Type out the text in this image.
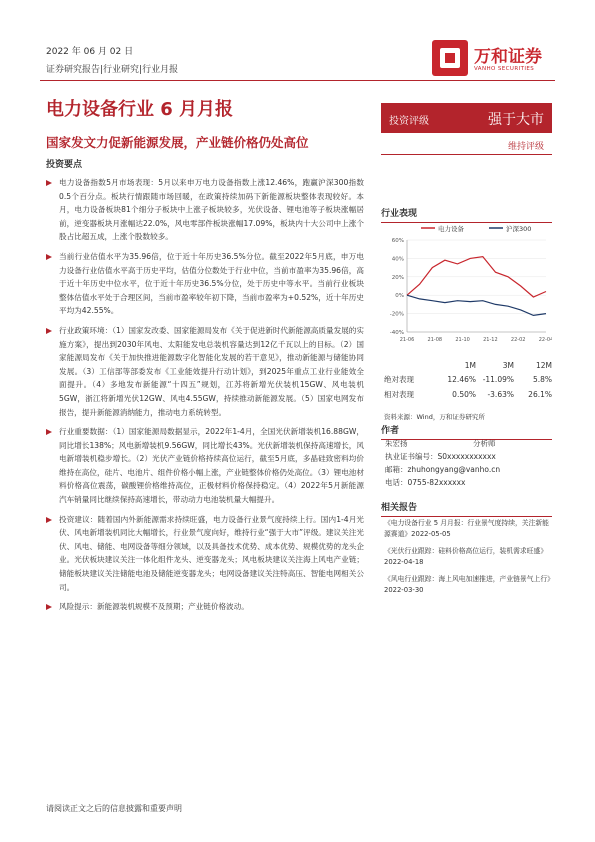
2022 年 06 月 02 日
证券研究报告|行业研究|行业月报
万和证券
VANHO SECURITIES
电力设备行业 6 月月报
国家发文力促新能源发展，产业链价格仍处高位
投资要点
电力设备指数5月市场表现：5月以来申万电力设备指数上涨12.46%，跑赢沪深300指数0.5个百分点。板块行情跟随市场回暖，在政策持续加码下新能源板块整体表现较好。本月，电力设备板块81个细分子板块中上涨子板块较多，光伏设备、锂电池等子板块涨幅居前，逆变器板块月涨幅达22.0%，风电零部件板块涨幅17.09%，板块内十大公司中上涨个股占比超五成，上涨个股数较多。
当前行业估值水平为35.96倍，位于近十年历史36.5%分位。截至2022年5月底，申万电力设备行业估值水平高于历史平均，估值分位数处于行业中位，当前市盈率为35.96倍，高于近十年历史中位水平，位于近十年历史36.5%分位，处于历史中等水平。当前行业板块整体估值水平处于合理区间，当前市盈率较年初下降，当前市盈率为+0.52%，近十年历史平均为42.55%。
行业政策环境：（1）国家发改委、国家能源局发布《关于促进新时代新能源高质量发展的实施方案》，提出到2030年风电、太阳能发电总装机容量达到12亿千瓦以上的目标。（2）国家能源局发布《关于加快推进能源数字化智能化发展的若干意见》，推动新能源与储能协同发展。（3）工信部等部委发布《工业能效提升行动计划》，到2025年重点工业行业能效全面提升。（4）多地发布新能源“十四五”规划，江苏将新增光伏装机15GW、风电装机5GW，浙江将新增光伏12GW、风电4.55GW，持续推动新能源发展。（5）国家电网发布报告，提升新能源消纳能力，推动电力系统转型。
行业重要数据：（1）国家能源局数据显示，2022年1-4月，全国光伏新增装机16.88GW，同比增长138%；风电新增装机9.56GW，同比增长43%。光伏新增装机保持高速增长，风电新增装机稳步增长。（2）光伏产业链价格持续高位运行，截至5月底，多晶硅致密料均价维持在高位，硅片、电池片、组件价格小幅上涨，产业链整体价格仍处高位。（3）锂电池材料价格高位震荡，碳酸锂价格维持高位，正极材料价格保持稳定。（4）2022年5月新能源汽车销量同比继续保持高速增长，带动动力电池装机量大幅提升。
投资建议：随着国内外新能源需求持续旺盛，电力设备行业景气度持续上行。国内1-4月光伏、风电新增装机同比大幅增长，行业景气度向好，维持行业“强于大市”评级。建议关注光伏、风电、储能、电网设备等细分领域，以及具备技术优势、成本优势、规模优势的龙头企业。光伏板块建议关注一体化组件龙头、逆变器龙头；风电板块建议关注海上风电产业链；储能板块建议关注储能电池及储能逆变器龙头；电网设备建议关注特高压、智能电网相关公司。
风险提示：新能源装机规模不及预期；产业链价格波动。
请阅读正文之后的信息披露和重要声明
投资评级	强于大市
维持评级
行业表现
电力设备	沪深300
60%
40%
20%
0%
-20%
-40%
21-06	21-08	21-10	21-12	22-02	22-04
	1M	3M	12M
绝对表现	12.46%	-11.09%	5.8%
相对表现	0.50%	-3.63%	26.1%
资料来源：Wind，万和证券研究所
作者
朱宏扬	分析师
执业证书编号：S0xxxxxxxxxxx
邮箱：zhuhongyang@vanho.cn
电话：0755-82xxxxxx
相关报告
《电力设备行业 5 月月报：行业景气度持续，关注新能源赛道》2022-05-05
《光伏行业跟踪：硅料价格高位运行，装机需求旺盛》2022-04-18
《风电行业跟踪：海上风电加速推进，产业链景气上行》2022-03-30
